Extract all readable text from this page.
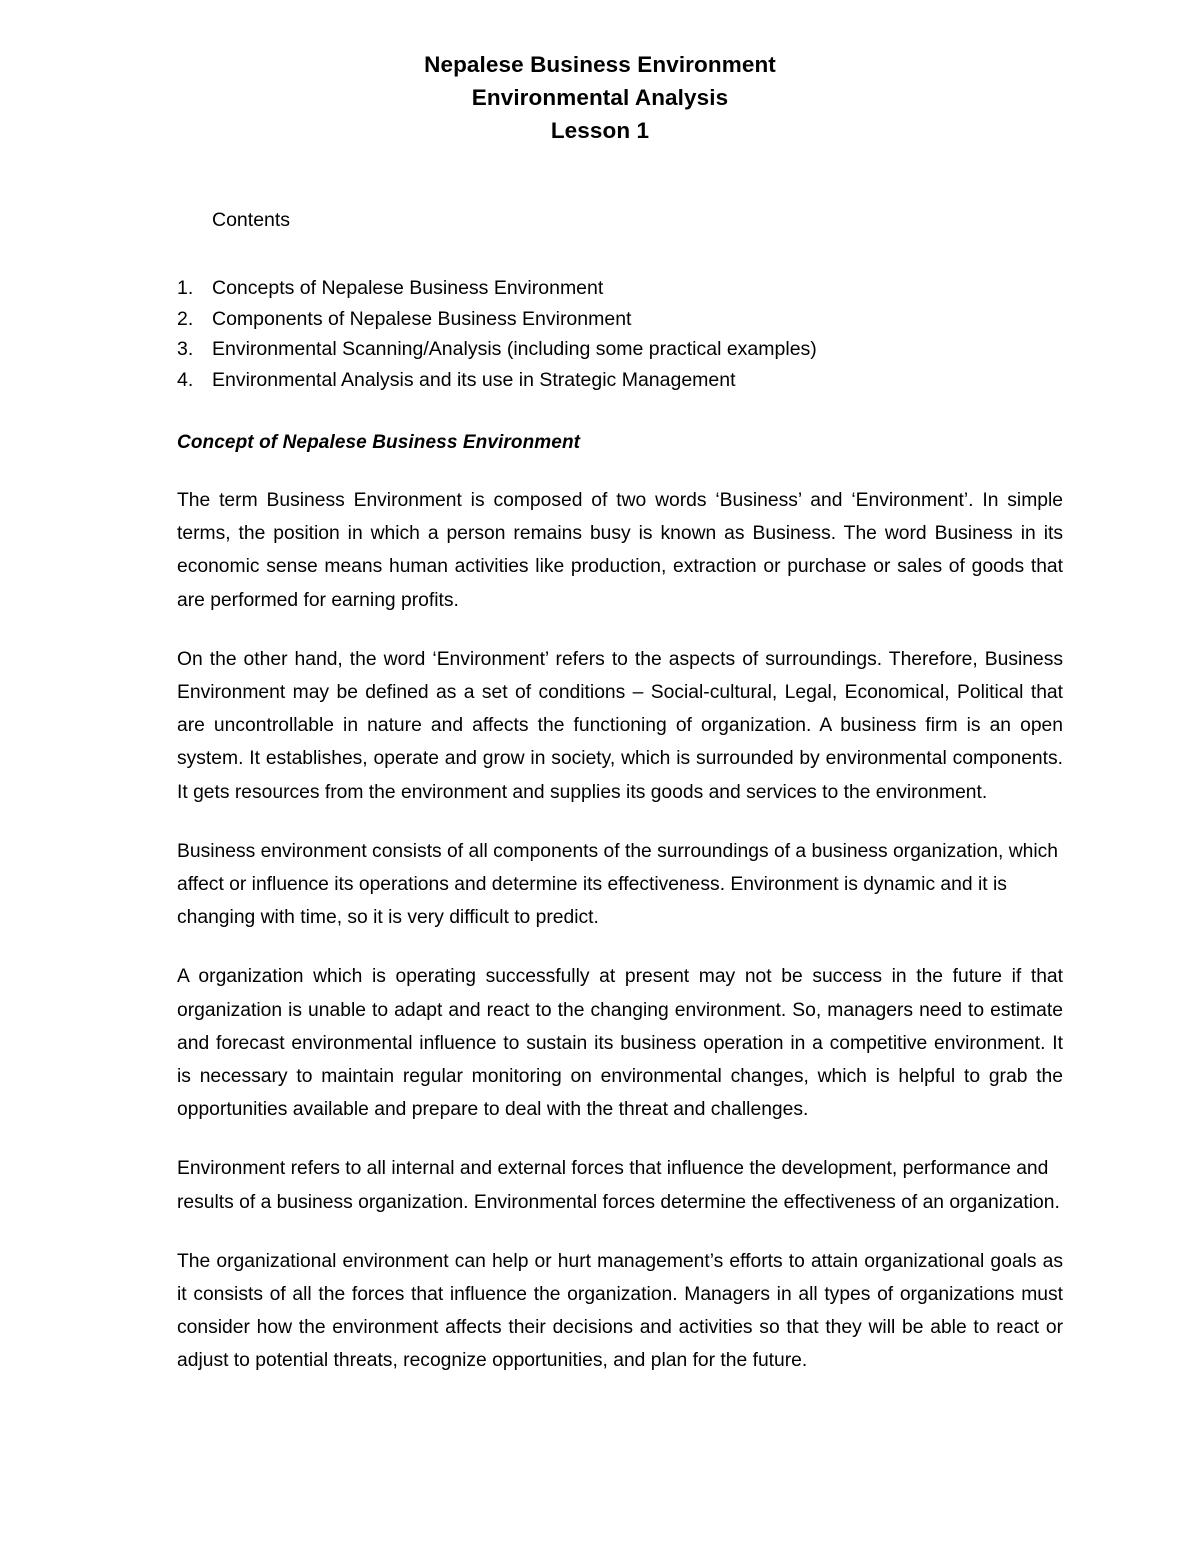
Nepalese Business Environment
Environmental Analysis
Lesson 1

Contents

1. Concepts of Nepalese Business Environment
2. Components of Nepalese Business Environment
3. Environmental Scanning/Analysis (including some practical examples)
4. Environmental Analysis and its use in Strategic Management
Concept of Nepalese Business Environment

The term Business Environment is composed of two words ‘Business’ and ‘Environment’. In simple terms, the position in which a person remains busy is known as Business. The word Business in its economic sense means human activities like production, extraction or purchase or sales of goods that are performed for earning profits.

On the other hand, the word ‘Environment’ refers to the aspects of surroundings. Therefore, Business Environment may be defined as a set of conditions – Social-cultural, Legal, Economical, Political that are uncontrollable in nature and affects the functioning of organization. A business firm is an open system. It establishes, operate and grow in society, which is surrounded by environmental components. It gets resources from the environment and supplies its goods and services to the environment.

Business environment consists of all components of the surroundings of a business organization, which affect or influence its operations and determine its effectiveness. Environment is dynamic and it is changing with time, so it is very difficult to predict.

A organization which is operating successfully at present may not be success in the future if that organization is unable to adapt and react to the changing environment. So, managers need to estimate and forecast environmental influence to sustain its business operation in a competitive environment. It is necessary to maintain regular monitoring on environmental changes, which is helpful to grab the opportunities available and prepare to deal with the threat and challenges.

Environment refers to all internal and external forces that influence the development, performance and results of a business organization. Environmental forces determine the effectiveness of an organization.

The organizational environment can help or hurt management’s efforts to attain organizational goals as it consists of all the forces that influence the organization. Managers in all types of organizations must consider how the environment affects their decisions and activities so that they will be able to react or adjust to potential threats, recognize opportunities, and plan for the future.
